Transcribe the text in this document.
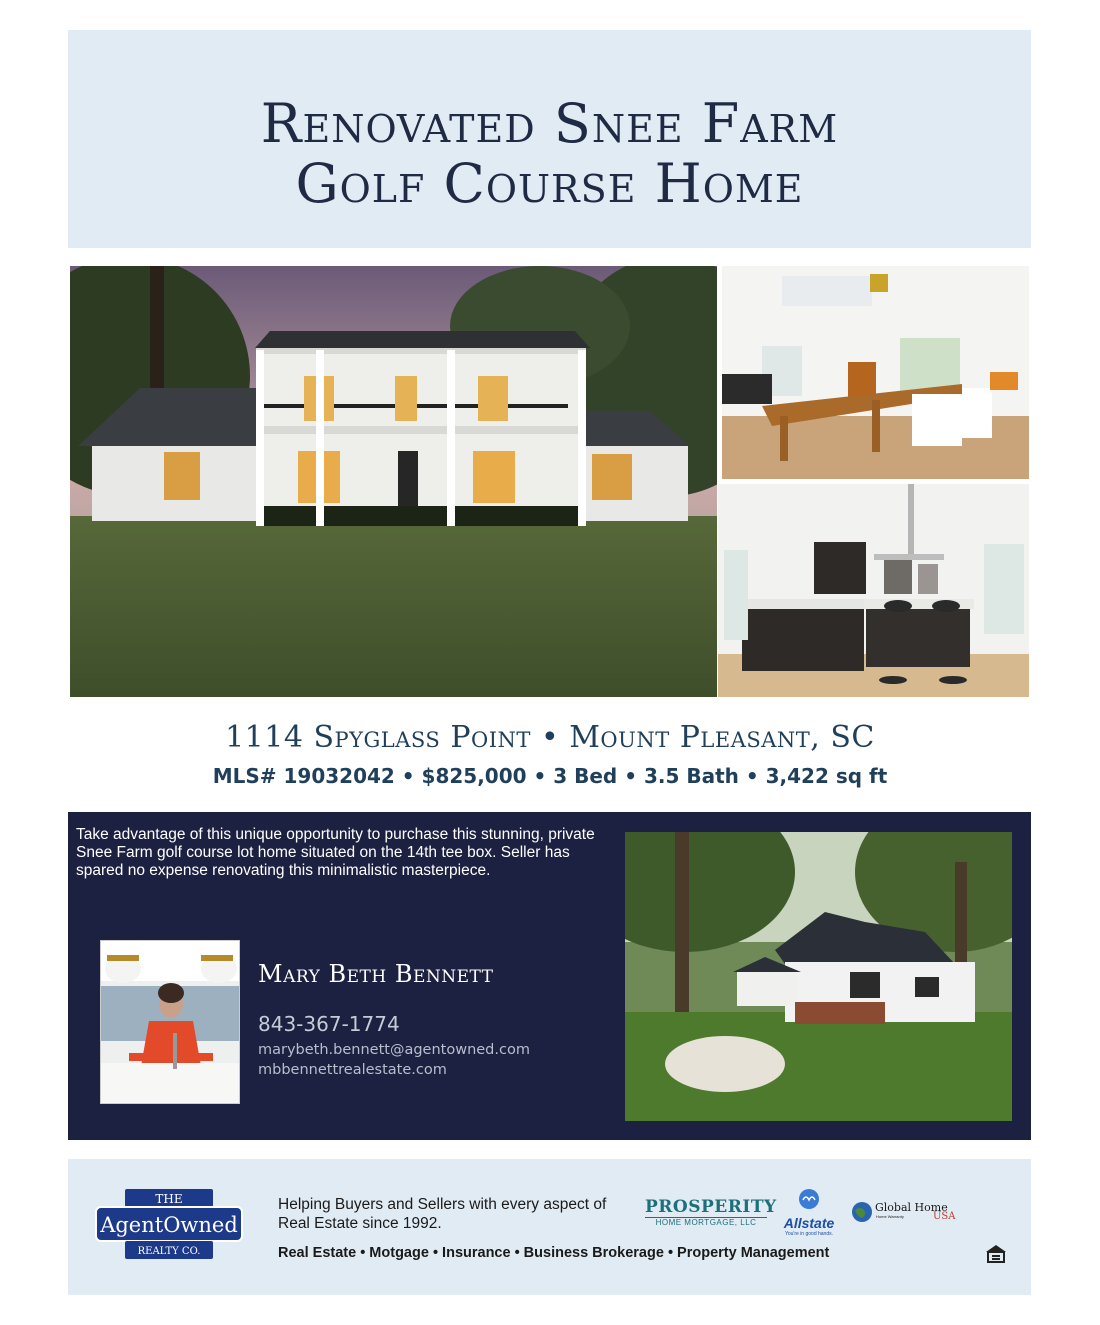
Renovated Snee Farm
Golf Course Home
1114 Spyglass Point • Mount Pleasant, SC
MLS# 19032042 • $825,000 • 3 Bed • 3.5 Bath • 3,422 sq ft
Take advantage of this unique opportunity to purchase this stunning, private Snee Farm golf course lot home situated on the 14th tee box. Seller has spared no expense renovating this minimalistic masterpiece.
Mary Beth Bennett
843-367-1774
marybeth.bennett@agentowned.com
mbbennettrealestate.com
THE
AgentOwned
REALTY CO.
Helping Buyers and Sellers with every aspect of Real Estate since 1992.
Real Estate • Motgage • Insurance • Business Brokerage • Property Management
PROSPERITY
HOME MORTGAGE, LLC	Allstate
You're in good hands.
Global Home
Home Warranty	USA
